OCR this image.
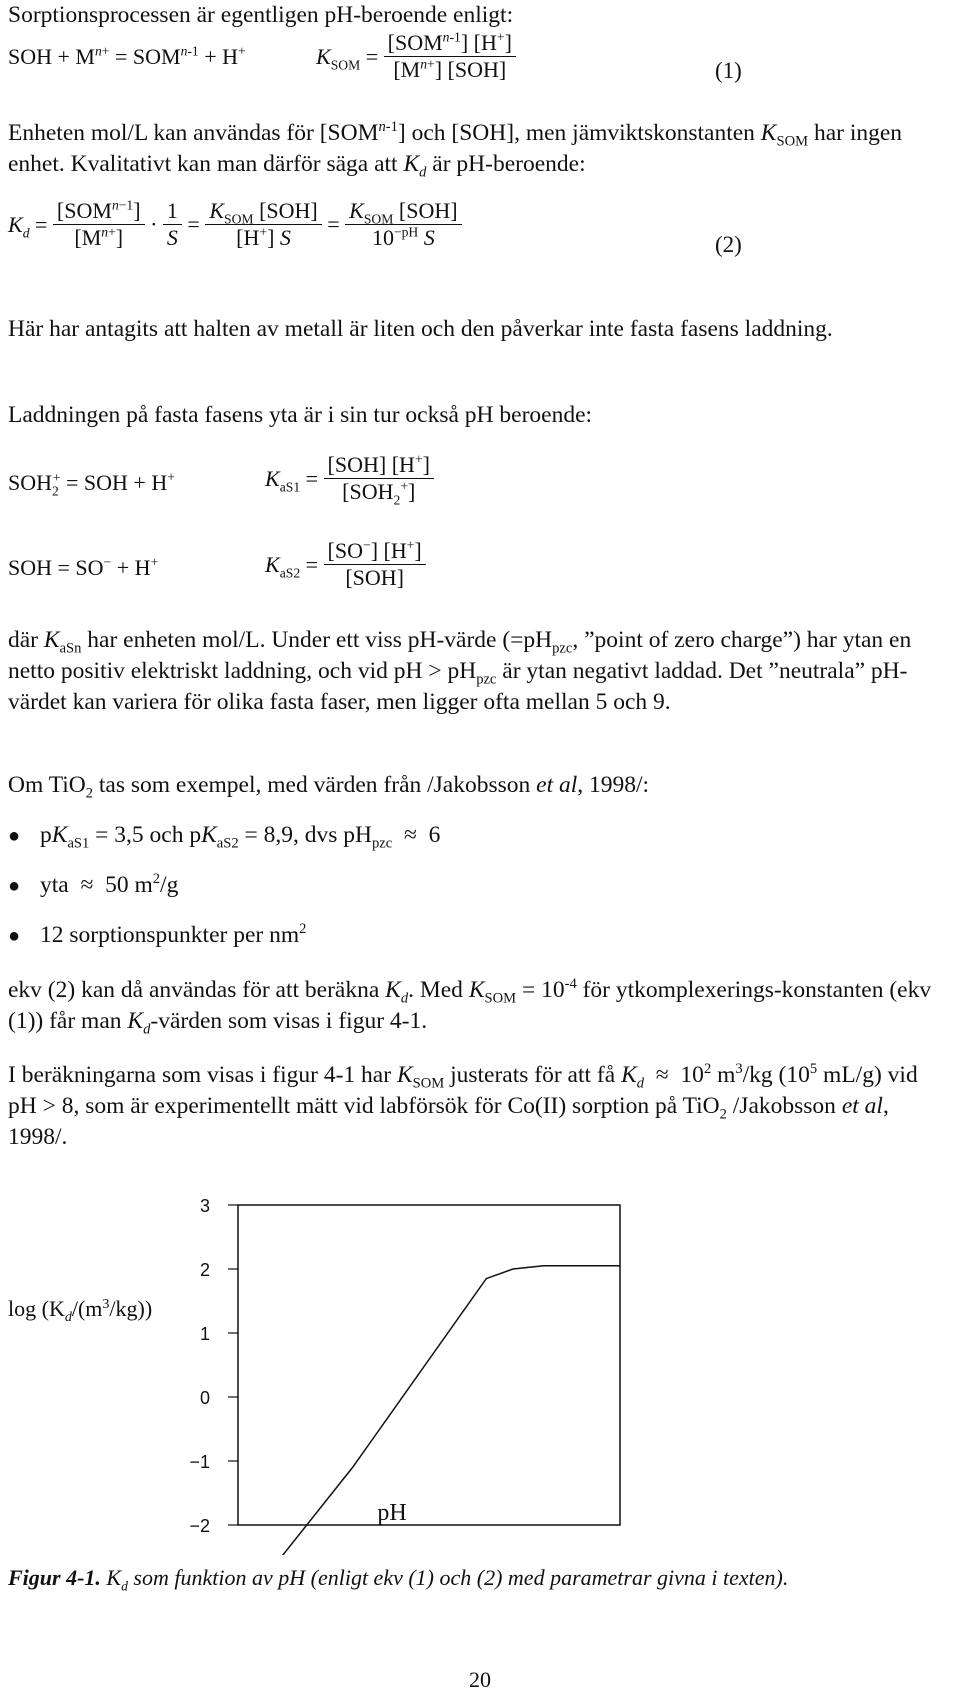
Sorptionsprocessen är egentligen pH-beroende enligt:

SOH + $M^{n+} = SOM^{n-1} + H^+$	$K_{SOM} = \frac{[SOM^{n-1}] [H^+]}{[M^{n+}] [SOH]}$	(1)

Enheten mol/L kan användas för [SOM$^{n-1}$] och [SOH], men jämviktskonstanten $K_{SOM}$ har ingen enhet. Kvalitativt kan man därför säga att $K_d$ är pH-beroende:

$K_d = \frac{[SOM^{n-1}]}{[M^{n+}]} \cdot \frac{1}{S} = \frac{K_{SOM} [SOH]}{[H^+] S} = \frac{K_{SOM} [SOH]}{10^{-pH} S}$	(2)

Här har antagits att halten av metall är liten och den påverkar inte fasta fasens laddning.

Laddningen på fasta fasens yta är i sin tur också pH beroende:

$SOH_2^+$ = SOH + H+	$K_{aS1} = \frac{[SOH] [H^+]}{[SOH_2^+]}$
SOH = SO− + H+	$K_{aS2} = \frac{[SO^-] [H^+]}{\text{[SOH]}}$

där $K_{aSn}$ har enheten mol/L. Under ett viss pH-värde ($=pH_{pzc}$, ”point of zero charge”) har ytan en netto positiv elektriskt laddning, och vid pH > $pH_{pzc}$ är ytan negativt laddad. Det ”neutrala” pH-värdet kan variera för olika fasta faser, men ligger ofta mellan 5 och 9.

Om TiO$_2$ tas som exempel, med värden från /Jakobsson et al, 1998/:

● $pK_{aS1} = 3,5$ och $pK_{aS2} = 8,9$, dvs $pH_{pzc} \approx 6$

● yta  ≈  50 $m^2/g$

● 12 sorptionspunkter per $nm^2$

ekv (2) kan då användas för att beräkna $K_d$. Med $K_{SOM} = 10^{-4}$ för ytkomplexerings-konstanten (ekv (1)) får man $K_d$-värden som visas i figur 4-1.

I beräkningarna som visas i figur 4-1 har $K_{SOM}$ justerats för att få $K_d \approx 10^2$ $m^3/kg$ ($10^5$ mL/g) vid pH > 8, som är experimentellt mätt vid labförsök för Co(II) sorption på TiO$_2$ /Jakobsson et al, 1998/.

3
2
1
0
−1
−2
$\log (K_d/(m^3/kg))$
pH
Figur 4-1. $K_d$ som funktion av pH (enligt ekv (1) och (2) med parametrar givna i texten).
20
